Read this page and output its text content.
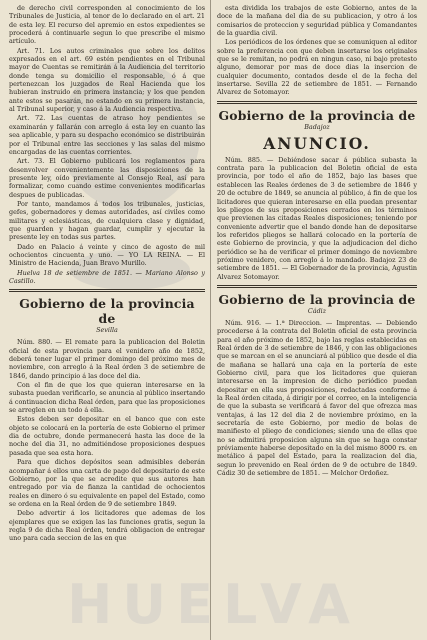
de derecho civil corresponden al conocimiento de los Tribunales de Justicia, al tenor de lo declarado en el art. 21 de esta ley. El recurso del apremio en estos expedientes se procederá á continuarle segun lo que prescribe el mismo artículo.

Art. 71. Los autos criminales que sobre los delitos expresados en el art. 69 estén pendientes en el Tribunal mayor de Cuentas se remitirán á la Audiencia del territorio donde tenga su domicilio el responsable, ó á que pertenezcan los juzgados de Real Hacienda que los hubieran instruido en primera instancia; y los que penden ante estos se pasarán, no estando en su primera instancia, al Tribunal superior, y caso á la Audiencia respectiva.

Art. 72. Las cuentas de atraso hoy pendientes se examinarán y fallarán con arreglo á esta ley en cuanto las sea aplicable, y para su despacho económico se distribuirán por el Tribunal entre las secciones y las salas del mismo encargadas de las cuentas corrientes.

Art. 73. El Gobierno publicará los reglamentos para desenvolver convenientemente las disposiciones de la presente ley, oído previamente al Consejo Real, así para formalizar, como cuando estime convenientes modificarlas despues de publicadas.

Por tanto, mandamos á todos los tribunales, justicias, gefes, gobernadores y demas autoridades, así civiles como militares y eclesiásticas, de cualquiera clase y dignidad, que guarden y hagan guardar, cumplir y ejecutar la presente ley en todas sus partes.

Dado en Palacio á veinte y cinco de agosto de mil ochocientos cincuenta y uno. — YO LA REINA. — El Ministro de Hacienda, Juan Bravo Murillo.

Huelva 18 de setiembre de 1851. — Mariano Alonso y Castillo.

Gobierno de la provincia de
Sevilla

Núm. 880. — El remate para la publicacion del Boletin oficial de esta provincia para el venidero año de 1852, deberá tener lugar el primer domingo del próximo mes de noviembre, con arreglo á la Real órden 3 de setiembre de 1846, dando principio á las doce del dia.

Con el fin de que los que quieran interesarse en la subasta puedan verificarlo, se anuncia al público insertando á continuacion dicha Real órden, para que las proposiciones se arreglen en un todo á ella.

Estos deben ser depositar en el banco que con este objeto se colocará en la portería de este Gobierno el primer dia de octubre, donde permanecerá hasta las doce de la noche del dia 31, no admitiéndose proposiciones despues pasada que sea esta hora.

Para que dichos depósitos sean admisibles deberán acompañar á ellos una carta de pago del depositario de este Gobierno, por la que se acredite que sus autores han entregado por via de fianza la cantidad de ochocientos reales en dinero ó su equivalente en papel del Estado, como se ordena en la Real órden de 9 de setiembre 1849.

Debo advertir á los licitadores que ademas de los ejemplares que se exigen las las funciones gratis, segun la regla 9 de dicha Real órden, tendrá obligacion de entregar uno para cada seccion de las en que

esta dividida los trabajos de este Gobierno, antes de la doce de la mañana del dia de su publicacion, y otro á los comisarios de proteccion y seguridad pública y Comandantes de la guardia civil.

Los periódicos de los órdenes que se comuniquen al editor sobre la preferencia con que deben insertarse los originales que se le remitan, no podrá en ningun caso, ni bajo pretesto alguno, demorar por mas de doce dias la insercion de cualquier documento, contados desde el de la fecha del insertarse. Sevilla 22 de setiembre de 1851. — Fernando Alvarez de Sotomayor.

Gobierno de la provincia de
Badajoz
ANUNCIO.

Núm. 885. — Debiéndose sacar á pública subasta la contrata para la publicacion del Boletin oficial de esta provincia, por todo el año de 1852, bajo las bases que establecen las Reales órdenes de 3 de setiembre de 1846 y 20 de octubre de 1849, se anuncia al público, á fin de que los licitadores que quieran interesarse en ella puedan presentar los pliegos de sus proposiciones cerrados en los términos que previenen las citadas Reales disposiciones; teniendo por conveniente advertir que el bando donde han de depositarse los referidos pliegos se hallará colocado en la portería de este Gobierno de provincia, y que la adjudicacion del dicho periódico se ha de verificar el primer domingo de noviembre próximo venidero, con arreglo á lo mandado. Badajoz 23 de setiembre de 1851. — El Gobernador de la provincia, Agustin Alvarez Sotomayor.

Gobierno de la provincia de
Cádiz

Núm. 916. — 1.ª Direccion. — Imprentas. — Debiendo procederse á la contrata del Boletin oficial de esta provincia para el año próximo de 1852, bajo las reglas establecidas en Real órden de 3 de setiembre de 1846, y con las obligaciones que se marcan en el se anunciará al público que desde el dia de mañana se hallará una caja en la portería de este Gobierno civil, para que los licitadores que quieran interesarse en la impresion de dicho periódico puedan depositar en ella sus proposiciones, redactadas conforme á la Real órden citada, á dirigir por el correo, en la inteligencia de que la subasta se verificará á favor del que ofrezca mas ventajas, á las 12 del dia 2 de noviembre próximo, en la secretaría de este Gobierno, por medio de bolas de manifiesto el pliego de condiciones; siendo una de ellas que no se admitirá proposicion alguna sin que se haga constar préviamente haberse depositado en la del mismo 8000 rs. en metálico á papel del Estado, para la realizacion del dia, segun lo prevenido en Real órden de 9 de octubre de 1849. Cádiz 30 de setiembre de 1851. — Melchor Ordoñez.

HUELVA
